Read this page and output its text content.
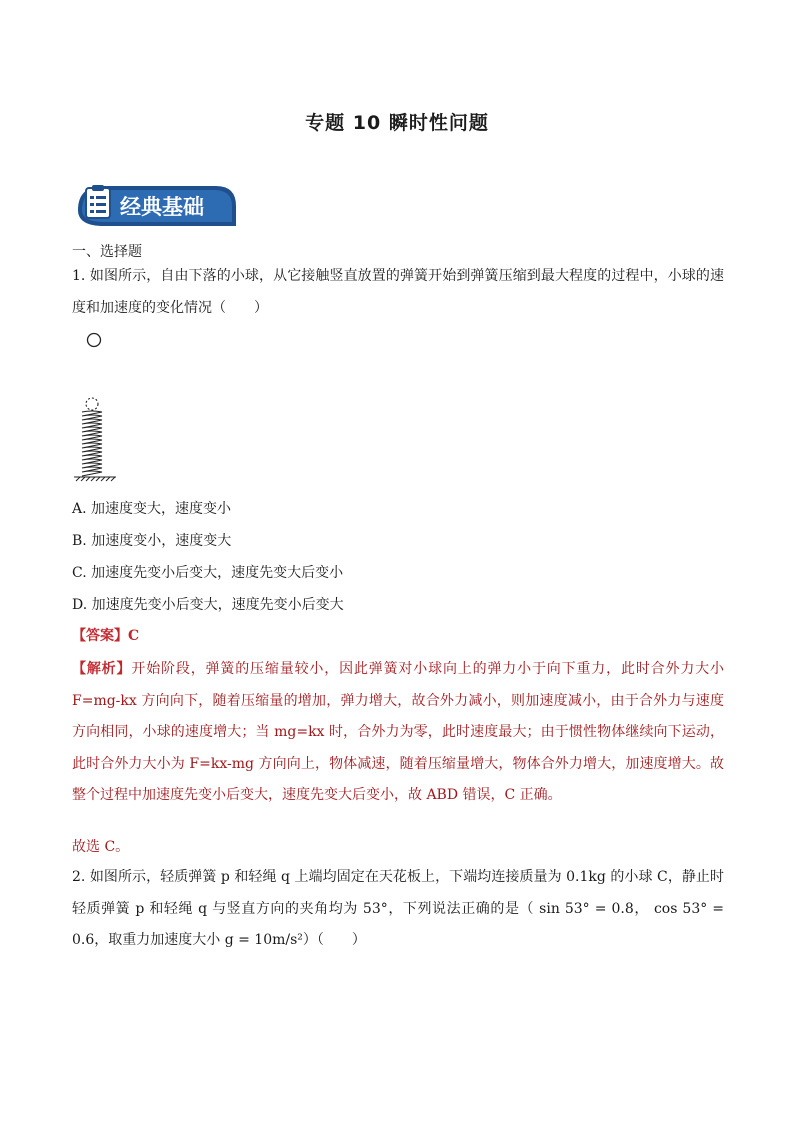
专题 10 瞬时性问题
经典基础
一、选择题
1. 如图所示，自由下落的小球，从它接触竖直放置的弹簧开始到弹簧压缩到最大程度的过程中，小球的速度和加速度的变化情况（　　）
A. 加速度变大，速度变小
B. 加速度变小，速度变大
C. 加速度先变小后变大，速度先变大后变小
D. 加速度先变小后变大，速度先变小后变大
【答案】C
【解析】开始阶段，弹簧的压缩量较小，因此弹簧对小球向上的弹力小于向下重力，此时合外力大小 F=mg-kx 方向向下，随着压缩量的增加，弹力增大，故合外力减小，则加速度减小，由于合外力与速度方向相同，小球的速度增大；当 mg=kx 时，合外力为零，此时速度最大；由于惯性物体继续向下运动，此时合外力大小为 F=kx-mg 方向向上，物体减速，随着压缩量增大，物体合外力增大，加速度增大。故整个过程中加速度先变小后变大，速度先变大后变小，故 ABD 错误，C 正确。
故选 C。
2. 如图所示，轻质弹簧 p 和轻绳 q 上端均固定在天花板上，下端均连接质量为 0.1kg 的小球 C，静止时轻质弹簧 p 和轻绳 q 与竖直方向的夹角均为 53°，下列说法正确的是（ sin 53° = 0.8， cos 53° = 0.6，取重力加速度大小 g = 10m/s²）（　　）
